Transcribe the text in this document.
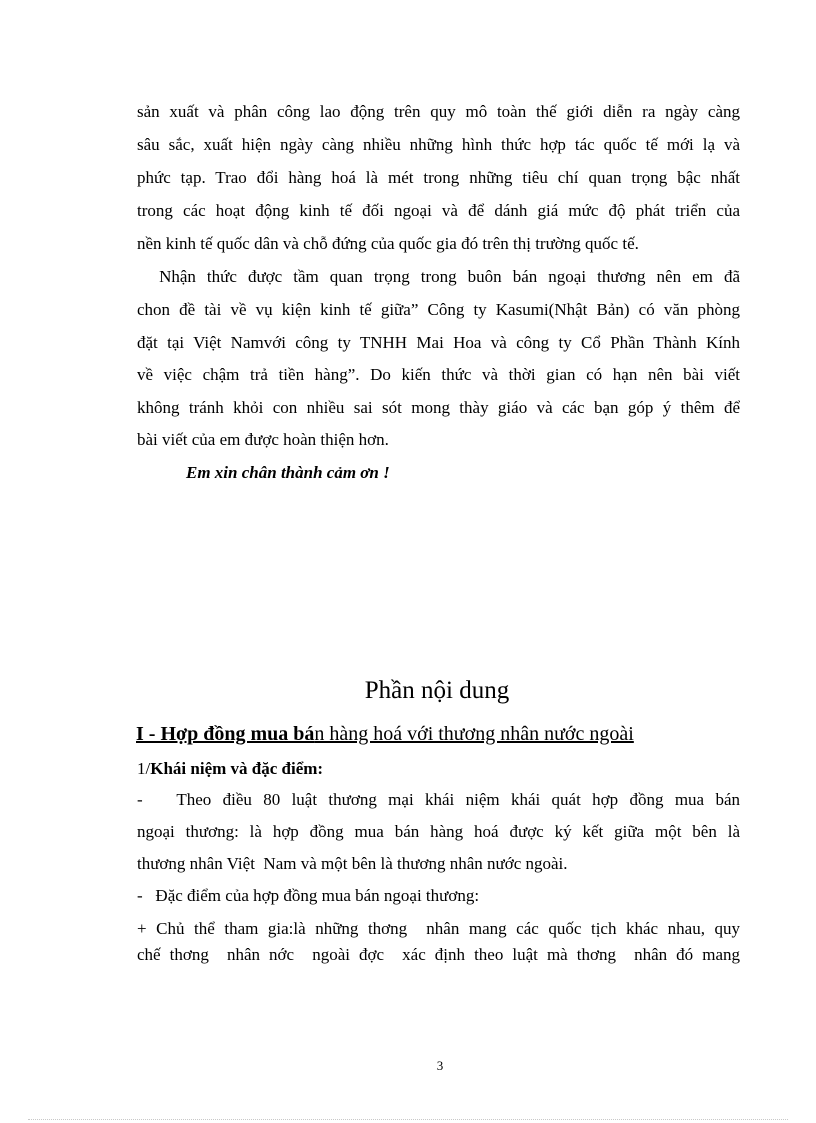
sản xuất và phân công lao động trên quy mô toàn thế giới diễn ra ngày càng
sâu sắc, xuất hiện ngày càng nhiều những hình thức hợp tác quốc tế mới lạ và
phức tạp. Trao đổi hàng hoá là mét trong những tiêu chí quan trọng bậc nhất
trong các hoạt động kinh tế đối ngoại và để dánh giá mức độ phát triển của
nền kinh tế quốc dân và chỗ đứng của quốc gia đó trên thị trường quốc tế.
Nhận thức được tầm quan trọng trong buôn bán ngoại thương nên em đã
chon đề tài về vụ kiện kinh tế giữa” Công ty Kasumi(Nhật Bản) có văn phòng
đặt tại Việt Namvới công ty TNHH Mai Hoa và công ty Cổ Phần Thành Kính
về việc chậm trả tiền hàng”. Do kiến thức và thời gian có hạn nên bài viết
không tránh khỏi con nhiều sai sót mong thày giáo và các bạn góp ý thêm để
bài viết của em được hoàn thiện hơn.
Em xin chân thành cảm ơn !
Phần nội dung
I - Hợp đồng mua bán hàng hoá với thương nhân nước ngoài
1/Khái niệm và đặc điểm:
-   Theo điều 80 luật thương mại khái niệm khái quát hợp đồng mua bán
ngoại thương: là hợp đồng mua bán hàng hoá được ký kết giữa một bên là
thương nhân Việt  Nam và một bên là thương nhân nước ngoài.
-   Đặc điểm của hợp đồng mua bán ngoại thương:
+ Chủ thể tham gia:là những thơng  nhân mang các quốc tịch khác nhau, quy
chế thơng  nhân nớc  ngoài đợc  xác định theo luật mà thơng  nhân đó mang
3
